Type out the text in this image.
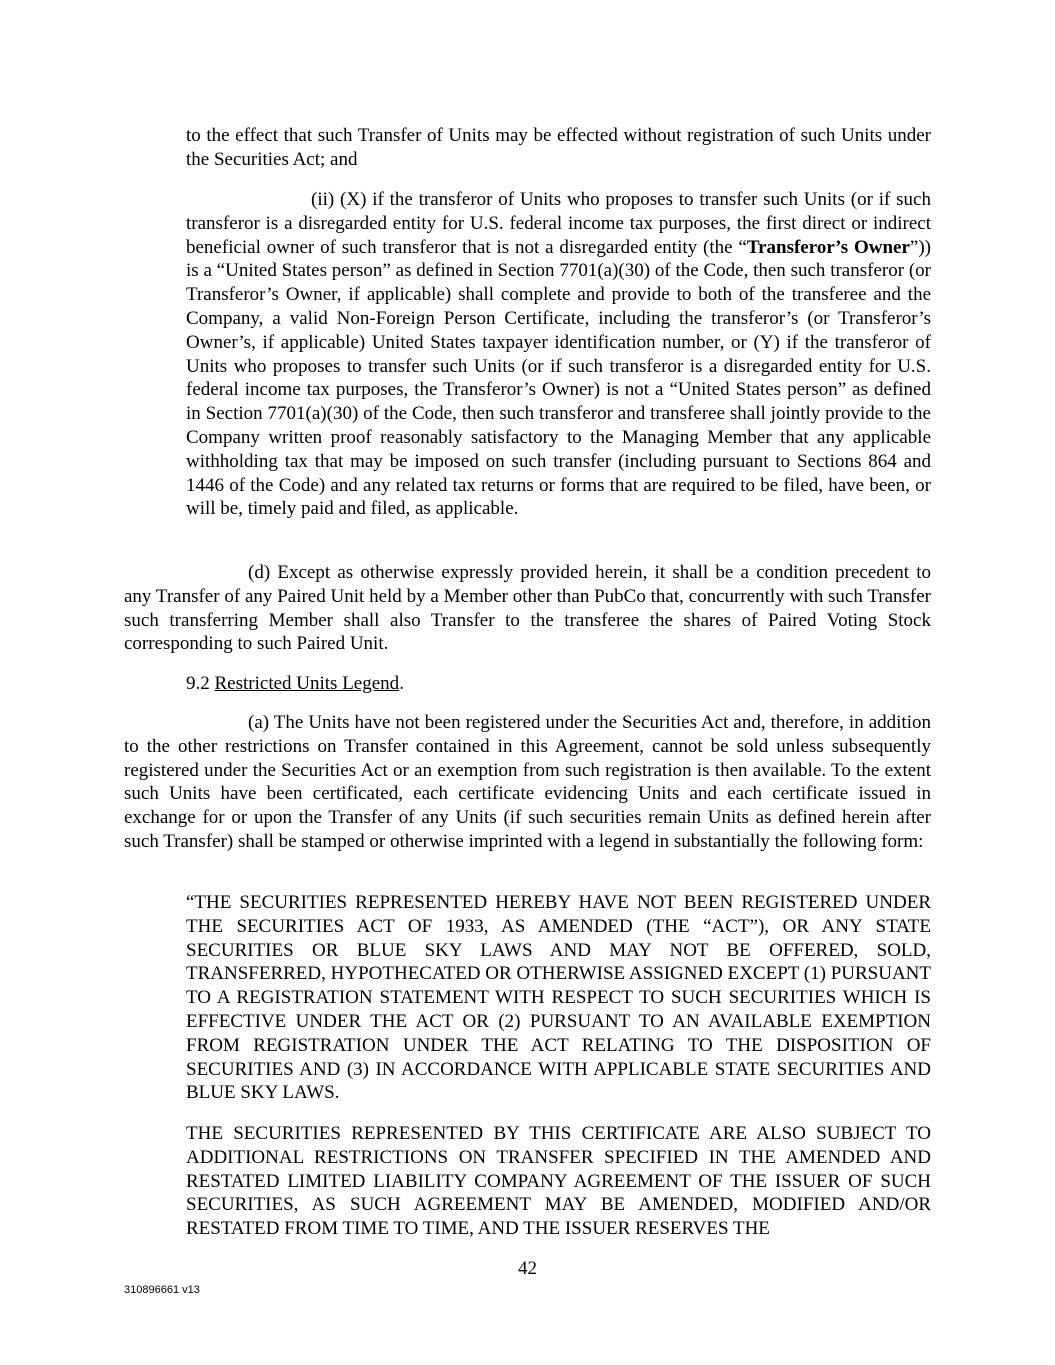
to the effect that such Transfer of Units may be effected without registration of such Units under the Securities Act; and

(ii) (X) if the transferor of Units who proposes to transfer such Units (or if such transferor is a disregarded entity for U.S. federal income tax purposes, the first direct or indirect beneficial owner of such transferor that is not a disregarded entity (the “Transferor’s Owner”)) is a “United States person” as defined in Section 7701(a)(30) of the Code, then such transferor (or Transferor’s Owner, if applicable) shall complete and provide to both of the transferee and the Company, a valid Non-Foreign Person Certificate, including the transferor’s (or Transferor’s Owner’s, if applicable) United States taxpayer identification number, or (Y) if the transferor of Units who proposes to transfer such Units (or if such transferor is a disregarded entity for U.S. federal income tax purposes, the Transferor’s Owner) is not a “United States person” as defined in Section 7701(a)(30) of the Code, then such transferor and transferee shall jointly provide to the Company written proof reasonably satisfactory to the Managing Member that any applicable withholding tax that may be imposed on such transfer (including pursuant to Sections 864 and 1446 of the Code) and any related tax returns or forms that are required to be filed, have been, or will be, timely paid and filed, as applicable.

(d) Except as otherwise expressly provided herein, it shall be a condition precedent to any Transfer of any Paired Unit held by a Member other than PubCo that, concurrently with such Transfer such transferring Member shall also Transfer to the transferee the shares of Paired Voting Stock corresponding to such Paired Unit.

9.2 Restricted Units Legend.

(a) The Units have not been registered under the Securities Act and, therefore, in addition to the other restrictions on Transfer contained in this Agreement, cannot be sold unless subsequently registered under the Securities Act or an exemption from such registration is then available. To the extent such Units have been certificated, each certificate evidencing Units and each certificate issued in exchange for or upon the Transfer of any Units (if such securities remain Units as defined herein after such Transfer) shall be stamped or otherwise imprinted with a legend in substantially the following form:

“THE SECURITIES REPRESENTED HEREBY HAVE NOT BEEN REGISTERED UNDER THE SECURITIES ACT OF 1933, AS AMENDED (THE “ACT”), OR ANY STATE SECURITIES OR BLUE SKY LAWS AND MAY NOT BE OFFERED, SOLD, TRANSFERRED, HYPOTHECATED OR OTHERWISE ASSIGNED EXCEPT (1) PURSUANT TO A REGISTRATION STATEMENT WITH RESPECT TO SUCH SECURITIES WHICH IS EFFECTIVE UNDER THE ACT OR (2) PURSUANT TO AN AVAILABLE EXEMPTION FROM REGISTRATION UNDER THE ACT RELATING TO THE DISPOSITION OF SECURITIES AND (3) IN ACCORDANCE WITH APPLICABLE STATE SECURITIES AND BLUE SKY LAWS.

THE SECURITIES REPRESENTED BY THIS CERTIFICATE ARE ALSO SUBJECT TO ADDITIONAL RESTRICTIONS ON TRANSFER SPECIFIED IN THE AMENDED AND RESTATED LIMITED LIABILITY COMPANY AGREEMENT OF THE ISSUER OF SUCH SECURITIES, AS SUCH AGREEMENT MAY BE AMENDED, MODIFIED AND/OR RESTATED FROM TIME TO TIME, AND THE ISSUER RESERVES THE

42
310896661 v13
